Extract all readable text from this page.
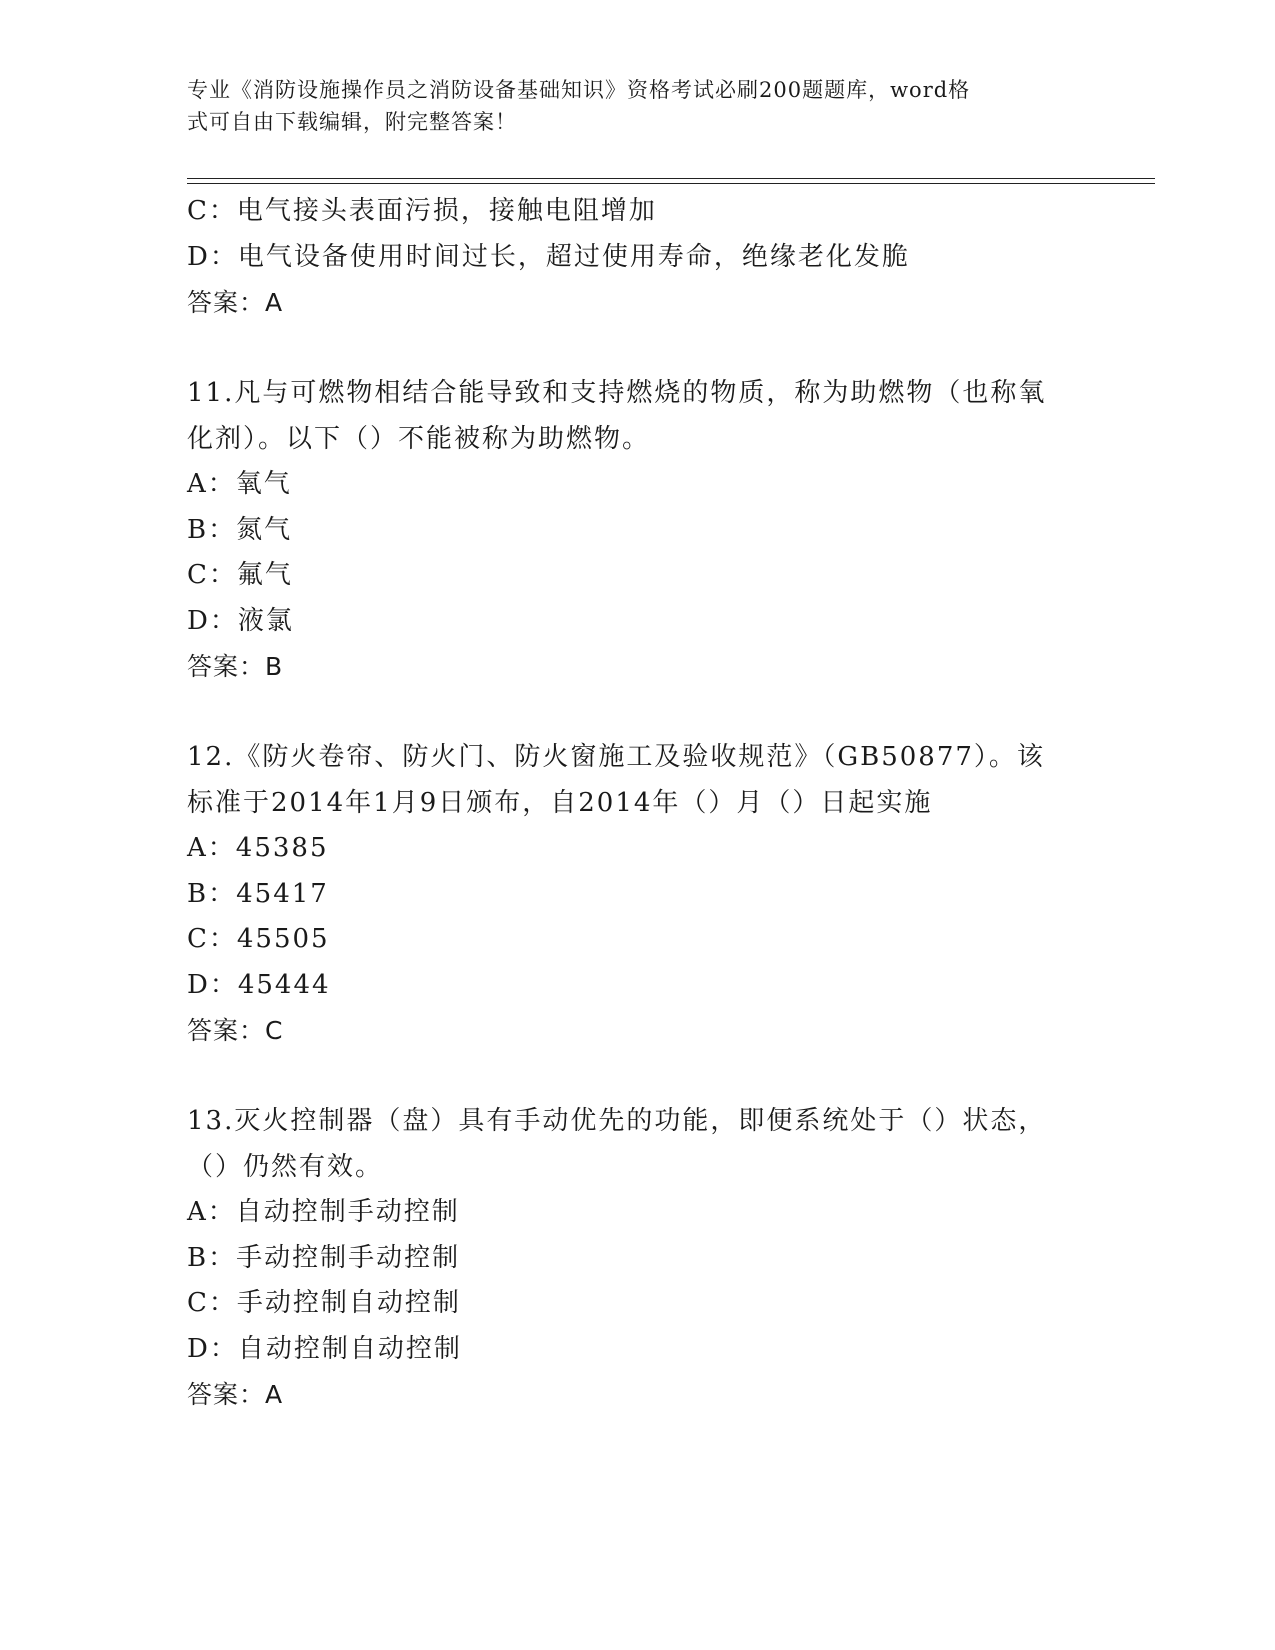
专业《消防设施操作员之消防设备基础知识》资格考试必刷200题题库，word格
式可自由下载编辑，附完整答案！
C：电气接头表面污损，接触电阻增加
D：电气设备使用时间过长，超过使用寿命，绝缘老化发脆
答案：A
11.凡与可燃物相结合能导致和支持燃烧的物质，称为助燃物（也称氧
化剂）。以下（）不能被称为助燃物。
A：氧气
B：氮气
C：氟气
D：液氯
答案：B
12.《防火卷帘、防火门、防火窗施工及验收规范》（GB50877）。该
标准于2014年1月9日颁布，自2014年（）月（）日起实施
A：45385
B：45417
C：45505
D：45444
答案：C
13.灭火控制器（盘）具有手动优先的功能，即便系统处于（）状态，
（）仍然有效。
A：自动控制手动控制
B：手动控制手动控制
C：手动控制自动控制
D：自动控制自动控制
答案：A
